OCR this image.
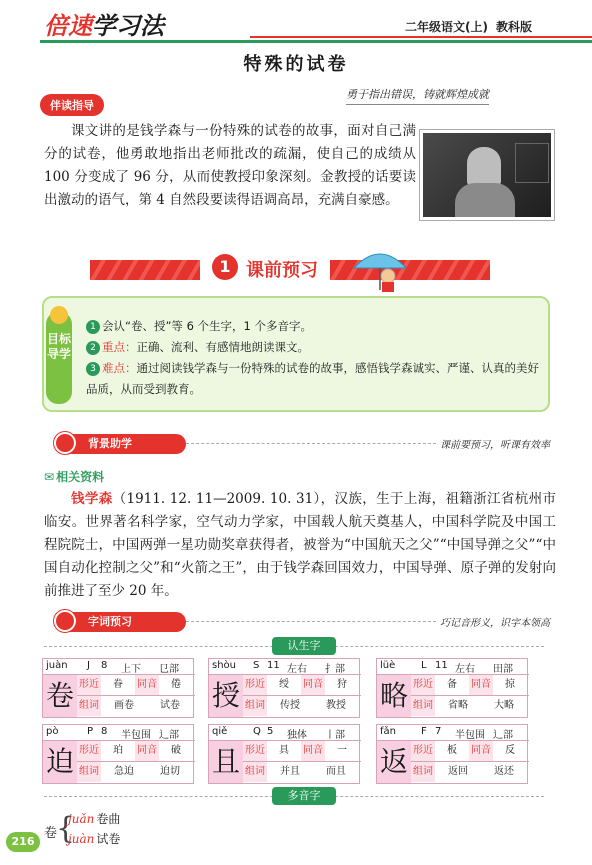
倍速学习法	二年级语文(上) 教科版
特殊的试卷
伴读指导
勇于指出错误，铸就辉煌成就
课文讲的是钱学森与一份特殊的试卷的故事，面对自己满分的试卷，他勇敢地指出老师批改的疏漏，使自己的成绩从 100 分变成了 96 分，从而使教授印象深刻。金教授的话要读出激动的语气，第 4 自然段要读得语调高昂，充满自豪感。
1 课前预习
目标导学
1 会认“卷、授”等 6 个生字，1 个多音字。
2 重点：正确、流利、有感情地朗读课文。
3 难点：通过阅读钱学森与一份特殊的试卷的故事，感悟钱学森诚实、严谨、认真的美好品质，从而受到教育。
背景助学	课前要预习，听课有效率
✉ 相关资料
钱学森（1911. 12. 11—2009. 10. 31），汉族，生于上海，祖籍浙江省杭州市临安。世界著名科学家，空气动力学家，中国载人航天奠基人，中国科学院及中国工程院院士，中国两弹一星功勋奖章获得者，被誉为“中国航天之父”“中国导弹之父”“中国自动化控制之父”和“火箭之王”，由于钱学森回国效力，中国导弹、原子弹的发射向前推进了至少 20 年。
字词预习	巧记音形义，识字本领高
认生字
juàn J 8 上下 㔾部
卷 形近 眷 同音 倦
组词 画卷	试卷
shòu S 11 左右 扌部
授 形近 绶 同音 狩
组词 传授	教授
lüè	L 11 左右 田部
略 形近 备 同音 掠
组词 省略	大略
pò	P 8 半包围 辶部
迫 形近 珀 同音 破
组词 急迫	迫切
qiě	Q 5 独体 丨部
且 形近 具 同音 一
组词 并且	而且
fǎn	F 7 半包围 辶部
返 形近 板 同音 反
组词 返回	返还
多音字
卷
{
juǎn 卷曲
juàn 试卷
216
